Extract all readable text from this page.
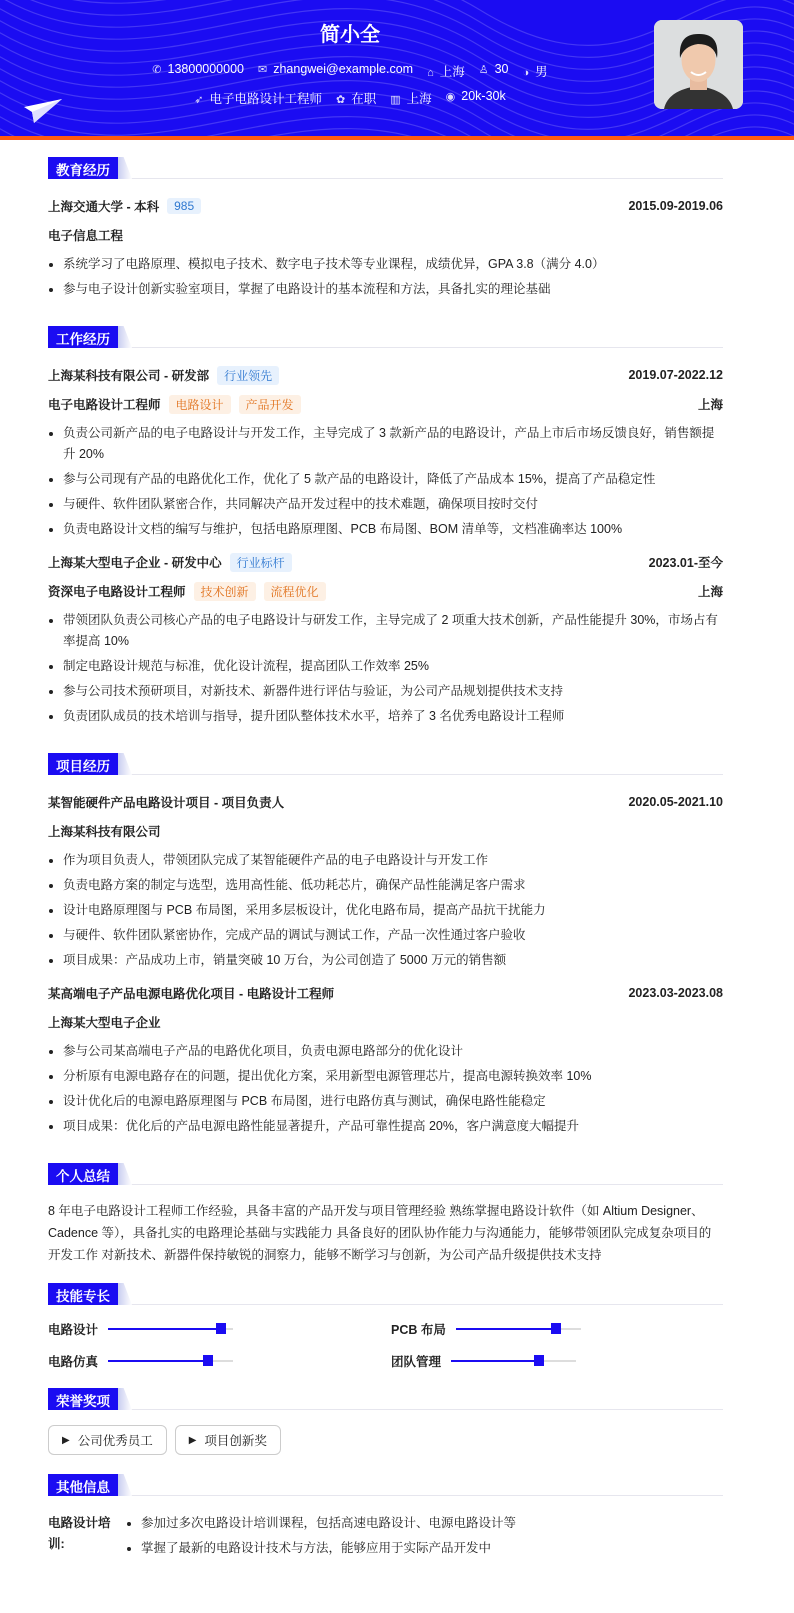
简小全
✆ 13800000000 ✉ zhangwei@example.com ⌂ 上海 ♙ 30 ◑ 男
➶ 电子电路设计工程师 ✿ 在职 ▥ 上海 ◉ 20k-30k
教育经历
上海交通大学 - 本科	985	2015.09-2019.06
电子信息工程
系统学习了电路原理、模拟电子技术、数字电子技术等专业课程，成绩优异，GPA 3.8（满分 4.0）
参与电子设计创新实验室项目，掌握了电路设计的基本流程和方法，具备扎实的理论基础
工作经历
上海某科技有限公司 - 研发部	行业领先	2019.07-2022.12
电子电路设计工程师	电路设计	产品开发	上海
负责公司新产品的电子电路设计与开发工作，主导完成了 3 款新产品的电路设计，产品上市后市场反馈良好，销售额提升 20%
参与公司现有产品的电路优化工作，优化了 5 款产品的电路设计，降低了产品成本 15%，提高了产品稳定性
与硬件、软件团队紧密合作，共同解决产品开发过程中的技术难题，确保项目按时交付
负责电路设计文档的编写与维护，包括电路原理图、PCB 布局图、BOM 清单等，文档准确率达 100%
上海某大型电子企业 - 研发中心	行业标杆	2023.01-至今
资深电子电路设计工程师	技术创新	流程优化	上海
带领团队负责公司核心产品的电子电路设计与研发工作，主导完成了 2 项重大技术创新，产品性能提升 30%，市场占有率提高 10%
制定电路设计规范与标准，优化设计流程，提高团队工作效率 25%
参与公司技术预研项目，对新技术、新器件进行评估与验证，为公司产品规划提供技术支持
负责团队成员的技术培训与指导，提升团队整体技术水平，培养了 3 名优秀电路设计工程师
项目经历
某智能硬件产品电路设计项目 - 项目负责人	2020.05-2021.10
上海某科技有限公司
作为项目负责人，带领团队完成了某智能硬件产品的电子电路设计与开发工作
负责电路方案的制定与选型，选用高性能、低功耗芯片，确保产品性能满足客户需求
设计电路原理图与 PCB 布局图，采用多层板设计，优化电路布局，提高产品抗干扰能力
与硬件、软件团队紧密协作，完成产品的调试与测试工作，产品一次性通过客户验收
项目成果：产品成功上市，销量突破 10 万台，为公司创造了 5000 万元的销售额
某高端电子产品电源电路优化项目 - 电路设计工程师	2023.03-2023.08
上海某大型电子企业
参与公司某高端电子产品的电路优化项目，负责电源电路部分的优化设计
分析原有电源电路存在的问题，提出优化方案，采用新型电源管理芯片，提高电源转换效率 10%
设计优化后的电源电路原理图与 PCB 布局图，进行电路仿真与测试，确保电路性能稳定
项目成果：优化后的产品电源电路性能显著提升，产品可靠性提高 20%，客户满意度大幅提升
个人总结
8 年电子电路设计工程师工作经验，具备丰富的产品开发与项目管理经验 熟练掌握电路设计软件（如 Altium Designer、Cadence 等），具备扎实的电路理论基础与实践能力 具备良好的团队协作能力与沟通能力，能够带领团队完成复杂项目的开发工作 对新技术、新器件保持敏锐的洞察力，能够不断学习与创新，为公司产品升级提供技术支持
技能专长
电路设计	PCB 布局
电路仿真	团队管理
荣誉奖项
▶ 公司优秀员工	▶ 项目创新奖
其他信息
电路设计培训:
参加过多次电路设计培训课程，包括高速电路设计、电源电路设计等
掌握了最新的电路设计技术与方法，能够应用于实际产品开发中
